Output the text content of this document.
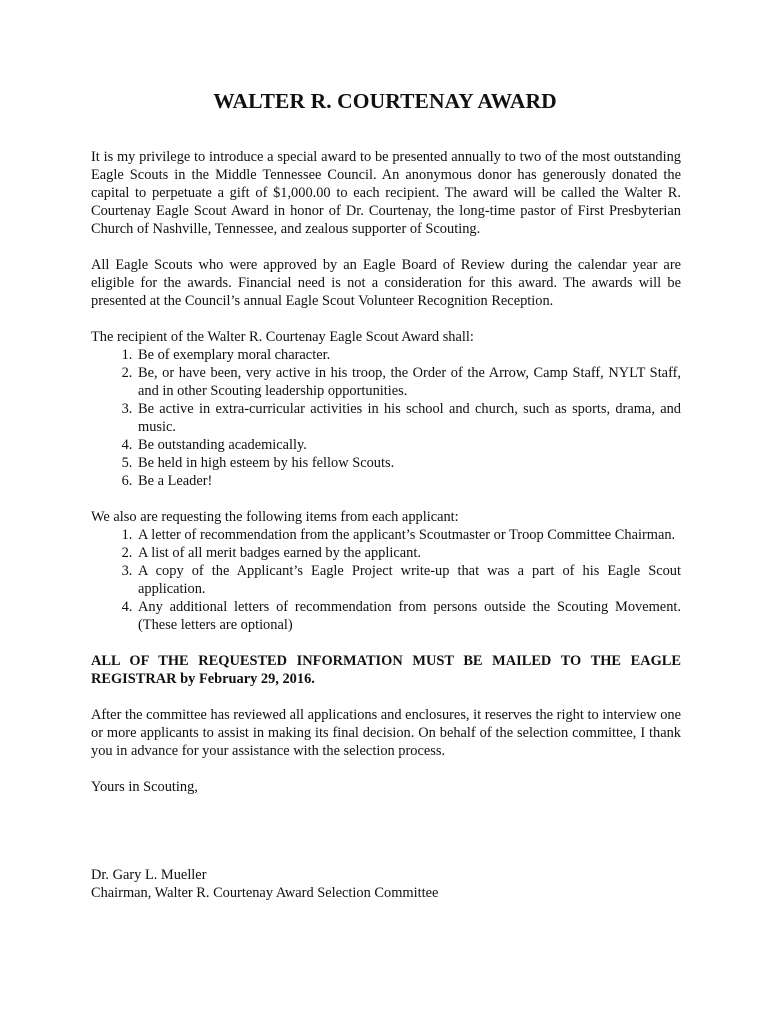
WALTER R. COURTENAY AWARD

It is my privilege to introduce a special award to be presented annually to two of the most outstanding Eagle Scouts in the Middle Tennessee Council. An anonymous donor has generously donated the capital to perpetuate a gift of $1,000.00 to each recipient. The award will be called the Walter R. Courtenay Eagle Scout Award in honor of Dr. Courtenay, the long-time pastor of First Presbyterian Church of Nashville, Tennessee, and zealous supporter of Scouting.

All Eagle Scouts who were approved by an Eagle Board of Review during the calendar year are eligible for the awards. Financial need is not a consideration for this award. The awards will be presented at the Council’s annual Eagle Scout Volunteer Recognition Reception.

The recipient of the Walter R. Courtenay Eagle Scout Award shall:

1. Be of exemplary moral character.
2. Be, or have been, very active in his troop, the Order of the Arrow, Camp Staff, NYLT Staff, and in other Scouting leadership opportunities.
3. Be active in extra-curricular activities in his school and church, such as sports, drama, and music.
4. Be outstanding academically.
5. Be held in high esteem by his fellow Scouts.
6. Be a Leader!

We also are requesting the following items from each applicant:

1. A letter of recommendation from the applicant’s Scoutmaster or Troop Committee Chairman.
2. A list of all merit badges earned by the applicant.
3. A copy of the Applicant’s Eagle Project write-up that was a part of his Eagle Scout application.
4. Any additional letters of recommendation from persons outside the Scouting Movement. (These letters are optional)

ALL OF THE REQUESTED INFORMATION MUST BE MAILED TO THE EAGLE REGISTRAR by February 29, 2016.

After the committee has reviewed all applications and enclosures, it reserves the right to interview one or more applicants to assist in making its final decision. On behalf of the selection committee, I thank you in advance for your assistance with the selection process.

Yours in Scouting,

Dr. Gary L. Mueller

Chairman, Walter R. Courtenay Award Selection Committee
